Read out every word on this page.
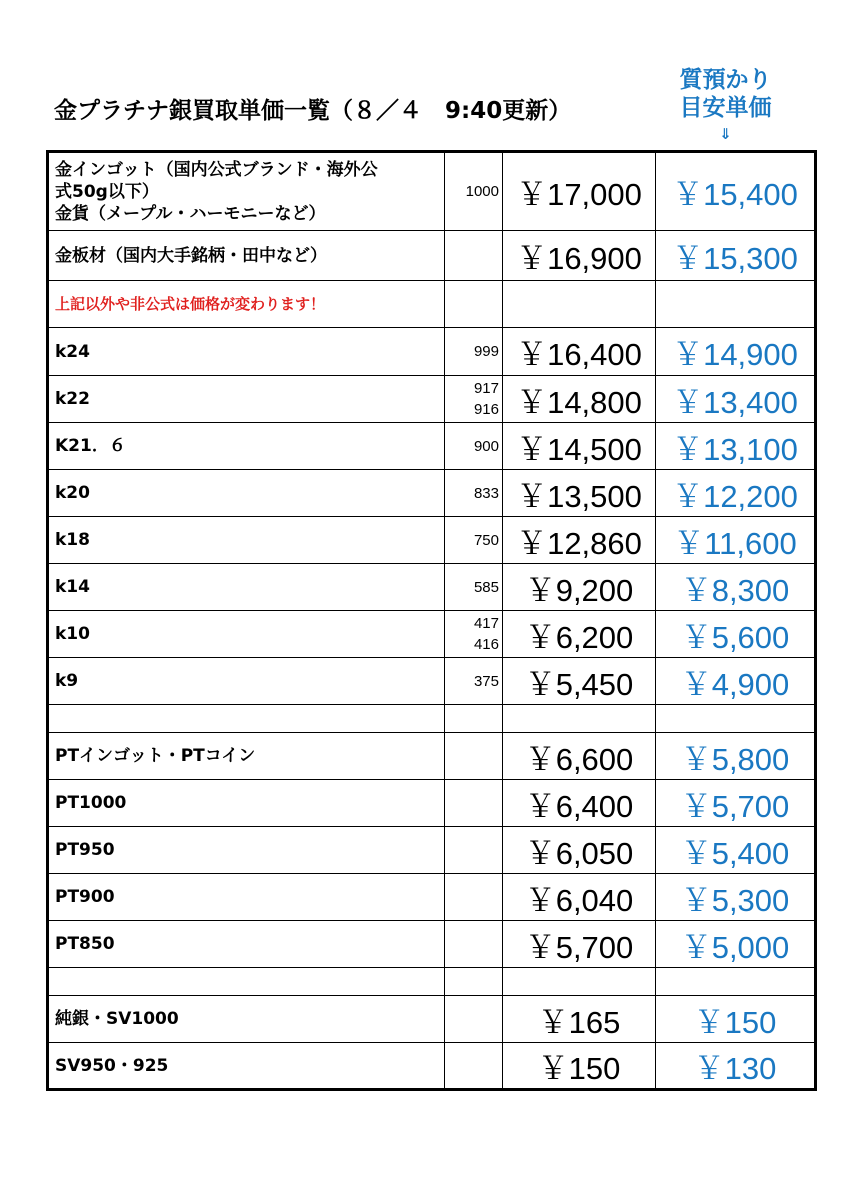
金プラチナ銀買取単価一覧（８／４　9:40更新）
質預かり
目安単価
⇓
金インゴット（国内公式ブランド・海外公
式50g以下）
金貨（メープル・ハーモニーなど）	1000	￥17,000	￥15,400

金板材（国内大手銘柄・田中など）		￥16,900	￥15,300

上記以外や非公式は価格が変わります！			

k24	999	￥16,400	￥14,900

k22	917
916	￥14,800	￥13,400

K21．６	900	￥14,500	￥13,100

k20	833	￥13,500	￥12,200

k18	750	￥12,860	￥11,600

k14	585	￥9,200	￥8,300

k10	417
416	￥6,200	￥5,600

k9	375	￥5,450	￥4,900

PTインゴット・PTコイン		￥6,600	￥5,800

PT1000		￥6,400	￥5,700

PT950		￥6,050	￥5,400

PT900		￥6,040	￥5,300

PT850		￥5,700	￥5,000

純銀・SV1000		￥165	￥150

SV950・925		￥150	￥130
